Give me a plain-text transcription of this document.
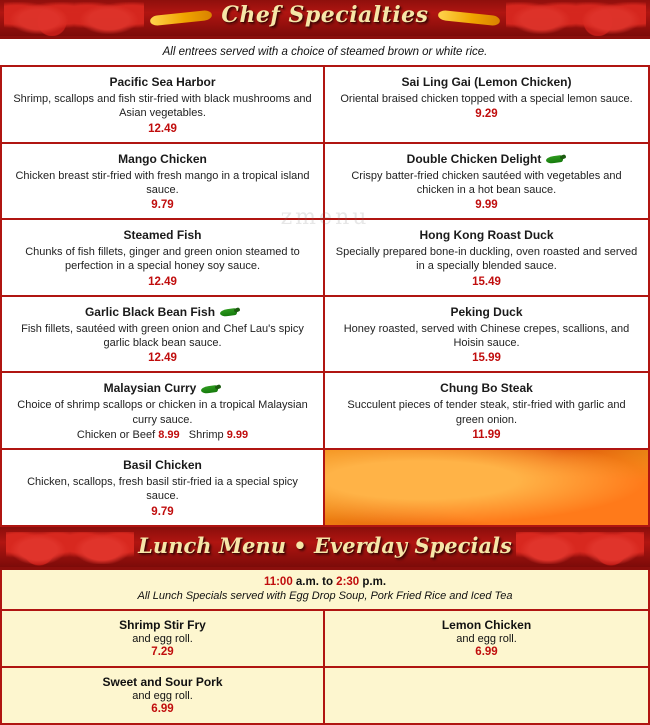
Chef Specialties
All entrees served with a choice of steamed brown or white rice.
Pacific Sea Harbor
Shrimp, scallops and fish stir-fried with black mushrooms and Asian vegetables.
12.49
Sai Ling Gai (Lemon Chicken)
Oriental braised chicken topped with a special lemon sauce.
9.29
Mango Chicken
Chicken breast stir-fried with fresh mango in a tropical island sauce.
9.79
Double Chicken Delight
Crispy batter-fried chicken sautéed with vegetables and chicken in a hot bean sauce.
9.99
Steamed Fish
Chunks of fish fillets, ginger and green onion steamed to perfection in a special honey soy sauce.
12.49
Hong Kong Roast Duck
Specially prepared bone-in duckling, oven roasted and served in a specially blended sauce.
15.49
Garlic Black Bean Fish
Fish fillets, sautéed with green onion and Chef Lau's spicy garlic black bean sauce.
12.49
Peking Duck
Honey roasted, served with Chinese crepes, scallions, and Hoisin sauce.
15.99
Malaysian Curry
Choice of shrimp scallops or chicken in a tropical Malaysian curry sauce.
Chicken or Beef 8.99 Shrimp 9.99
Chung Bo Steak
Succulent pieces of tender steak, stir-fried with garlic and green onion.
11.99
Basil Chicken
Chicken, scallops, fresh basil stir-fried ia a special spicy sauce.
9.79
zmenu
Lunch Menu • Everday Specials
11:00 a.m. to 2:30 p.m.
All Lunch Specials served with Egg Drop Soup, Pork Fried Rice and Iced Tea
Shrimp Stir Fry
and egg roll.
7.29
Lemon Chicken
and egg roll.
6.99
Sweet and Sour Pork
and egg roll.
6.99
